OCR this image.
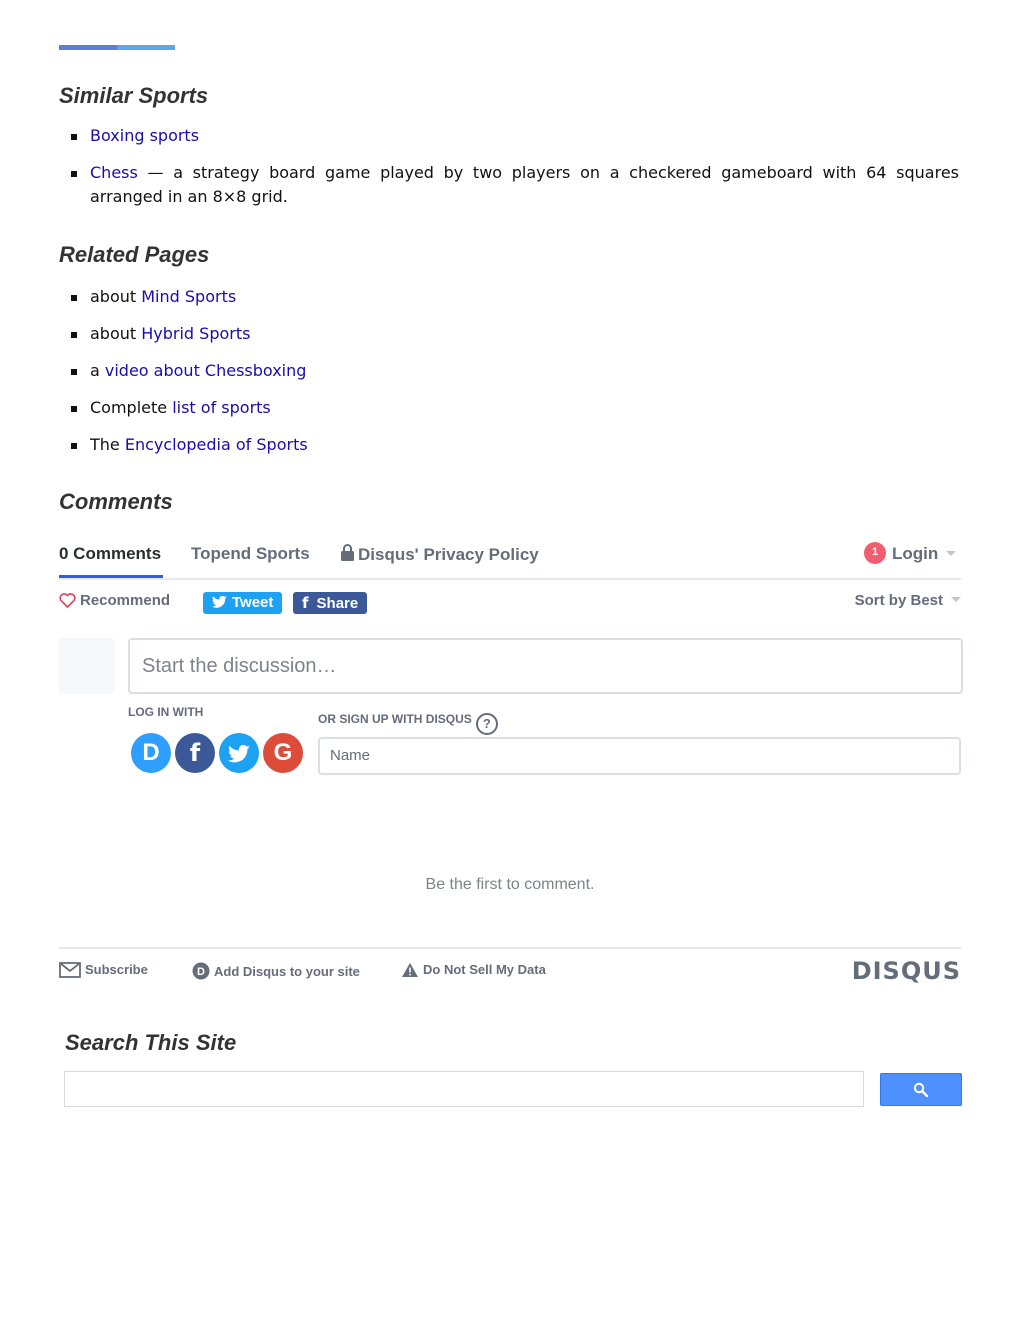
Similar Sports
Boxing sports
Chess — a strategy board game played by two players on a checkered gameboard with 64 squares arranged in an 8×8 grid.
Related Pages
about Mind Sports
about Hybrid Sports
a video about Chessboxing
Complete list of sports
The Encyclopedia of Sports
Comments
0 Comments Topend Sports	Disqus' Privacy Policy	1 Login
Recommend	Tweet	f Share	Sort by Best
Start the discussion…
LOG IN WITH	OR SIGN UP WITH DISQUS ?
D	f	G	Name
Be the first to comment.
Subscribe	D Add Disqus to your site	Do Not Sell My Data	DISQUS
Search This Site
